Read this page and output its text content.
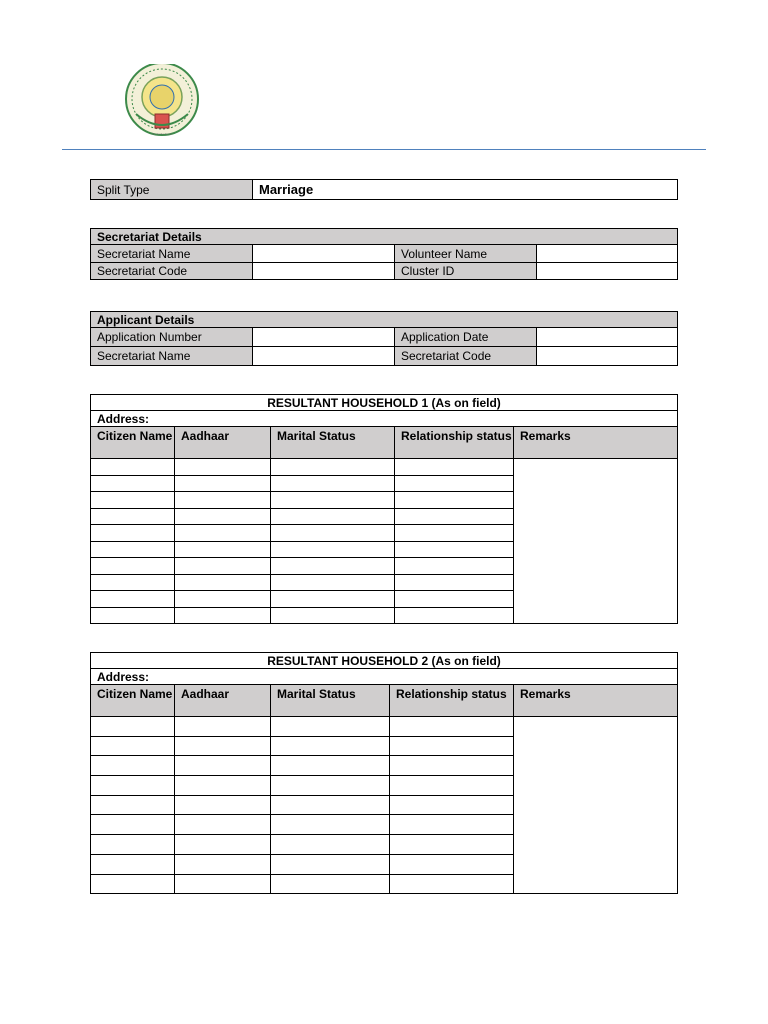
~~~~~
Split Type	Marriage
Secretariat Details			
Secretariat Name		Volunteer Name	
Secretariat Code		Cluster ID	
Applicant Details			
Application Number		Application Date	
Secretariat Name		Secretariat Code	
RESULTANT HOUSEHOLD 1 (As on field)				
Address:				
Citizen Name	Aadhaar	Marital Status	Relationship status	Remarks

RESULTANT HOUSEHOLD 2 (As on field)				
Address:				
Citizen Name	Aadhaar	Marital Status	Relationship status	Remarks
